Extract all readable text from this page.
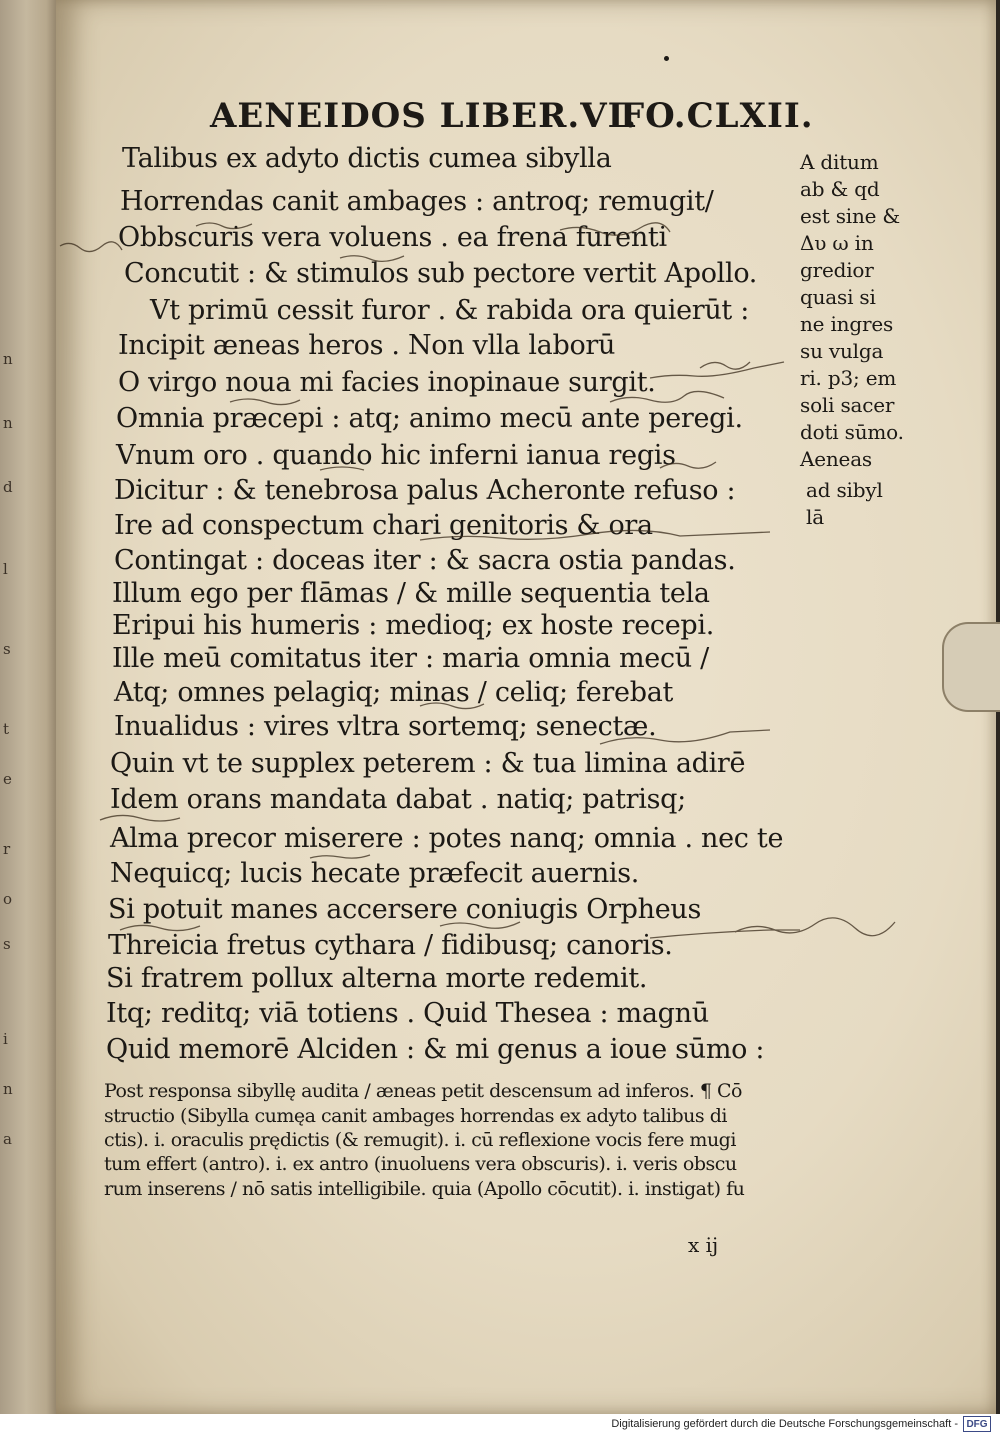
n
n
d
l
s
t
e
r
o
s
i
n
a
AENEIDOS LIBER.VI.
FO.CLXII.
Talibus ex adyto dictis cumea sibylla
Horrendas canit ambages : antroq; remugit/
Obbscuris vera voluens . ea frena furenti
Concutit : & stimulos sub pectore vertit Apollo.
Vt primū cessit furor . & rabida ora quierūt :
Incipit æneas heros . Non vlla laborū
O virgo noua mi facies inopinaue surgit.
Omnia præcepi : atq; animo mecū ante peregi.
Vnum oro . quando hic inferni ianua regis
Dicitur : & tenebrosa palus Acheronte refuso :
Ire ad conspectum chari genitoris & ora
Contingat : doceas iter : & sacra ostia pandas.
Illum ego per flāmas / & mille sequentia tela
Eripui his humeris : medioq; ex hoste recepi.
Ille meū comitatus iter : maria omnia mecū /
Atq; omnes pelagiq; minas / celiq; ferebat
Inualidus : vires vltra sortemq; senectæ.
Quin vt te supplex peterem : & tua limina adirē
Idem orans mandata dabat . natiq; patrisq;
Alma precor miserere : potes nanq; omnia . nec te
Nequicq; lucis hecate præfecit auernis.
Si potuit manes accersere coniugis Orpheus
Threicia fretus cythara / fidibusq; canoris.
Si fratrem pollux alterna morte redemit.
Itq; reditq; viā totiens . Quid Thesea : magnū
Quid memorē Alciden : & mi genus a ioue sūmo :
Post responsa sibyllę audita / æneas petit descensum ad inferos. ¶ Cō
structio (Sibylla cumęa canit ambages horrendas ex adyto talibus di
ctis). i. oraculis prędictis (& remugit). i. cū reflexione vocis fere mugi
tum effert (antro). i. ex antro (inuoluens vera obscuris). i. veris obscu
rum inserens / nō satis intelligibile. quia (Apollo cōcutit). i. instigat) fu
x ij
A ditum
ab & qd
est sine &
Δυ ω in
gredior
quasi si
ne ingres
su vulga
ri. p3; em
soli sacer
doti sūmo.
Aeneas
ad sibyl
lā
Digitalisierung gefördert durch die Deutsche Forschungsgemeinschaft - DFG
